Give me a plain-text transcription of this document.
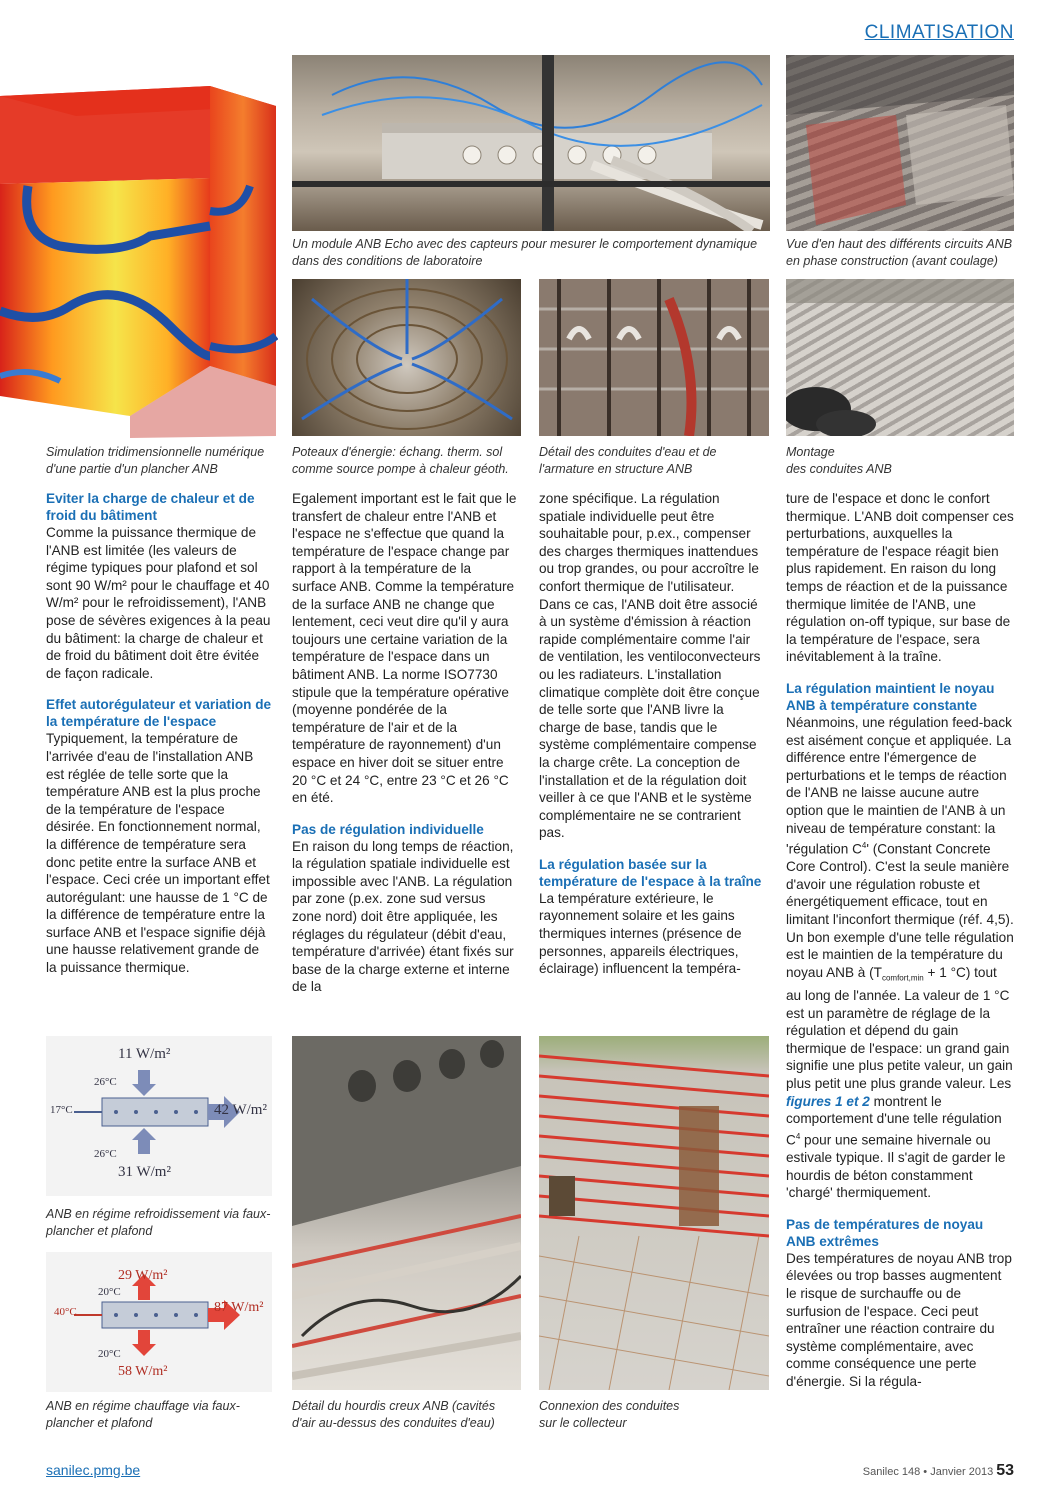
CLIMATISATION
Simulation tridimensionnelle numérique d'une partie d'un plancher ANB
Un module ANB Echo avec des capteurs pour mesurer le comportement dynamique dans des conditions de laboratoire
Vue d'en haut des différents circuits ANB en phase construction (avant coulage)
Poteaux d'énergie: échang. therm. sol comme source pompe à chaleur géoth.
Détail des conduites d'eau et de l'armature en structure ANB
Montage
des conduites ANB
Eviter la charge de chaleur et de froid du bâtiment

Comme la puissance thermique de l'ANB est limitée (les valeurs de régime typiques pour plafond et sol sont 90 W/m² pour le chauffage et 40 W/m² pour le refroidissement), l'ANB pose de sévères exigences à la peau du bâtiment: la charge de chaleur et de froid du bâtiment doit être évitée de façon radicale.

Effet autorégulateur et variation de la température de l'espace

Typiquement, la température de l'arrivée d'eau de l'installation ANB est réglée de telle sorte que la température ANB est la plus proche de la température de l'espace désirée. En fonctionnement normal, la différence de température sera donc petite entre la surface ANB et l'espace. Ceci crée un important effet autorégulant: une hausse de 1 °C de la différence de température entre la surface ANB et l'espace signifie déjà une hausse relativement grande de la puissance thermique.

Egalement important est le fait que le transfert de chaleur entre l'ANB et l'espace ne s'effectue que quand la température de l'espace change par rapport à la température de la surface ANB. Comme la température de la surface ANB ne change que lentement, ceci veut dire qu'il y aura toujours une certaine variation de la température de l'espace dans un bâtiment ANB. La norme ISO7730 stipule que la température opérative (moyenne pondérée de la température de l'air et de la température de rayonnement) d'un espace en hiver doit se situer entre 20 °C et 24 °C, entre 23 °C et 26 °C en été.

Pas de régulation individuelle

En raison du long temps de réaction, la régulation spatiale individuelle est impossible avec l'ANB. La régulation par zone (p.ex. zone sud versus zone nord) doit être appliquée, les réglages du régulateur (débit d'eau, température d'arrivée) étant fixés sur base de la charge externe et interne de la

zone spécifique. La régulation spatiale individuelle peut être souhaitable pour, p.ex., compenser des charges thermiques inattendues ou trop grandes, ou pour accroître le confort thermique de l'utilisateur. Dans ce cas, l'ANB doit être associé à un système d'émission à réaction rapide complémentaire comme l'air de ventilation, les ventiloconvecteurs ou les radiateurs. L'installation climatique complète doit être conçue de telle sorte que l'ANB livre la charge de base, tandis que le système complémentaire compense la charge crête. La conception de l'installation et de la régulation doit veiller à ce que l'ANB et le système complémentaire ne se contrarient pas.

La régulation basée sur la température de l'espace à la traîne

La température extérieure, le rayonnement solaire et les gains thermiques internes (présence de personnes, appareils électriques, éclairage) influencent la tempéra-

ture de l'espace et donc le confort thermique. L'ANB doit compenser ces perturbations, auxquelles la température de l'espace réagit bien plus rapidement. En raison du long temps de réaction et de la puissance thermique limitée de l'ANB, une régulation on-off typique, sur base de la température de l'espace, sera inévitablement à la traîne.

La régulation maintient le noyau ANB à température constante

Néanmoins, une régulation feed-back est aisément conçue et appliquée. La différence entre l'émergence de perturbations et le temps de réaction de l'ANB ne laisse aucune autre option que le maintien de l'ANB à un niveau de température constant: la 'régulation $C^4'$ (Constant Concrete Core Control). C'est la seule manière d'avoir une régulation robuste et énergétiquement efficace, tout en limitant l'inconfort thermique (réf. 4,5). Un bon exemple d'une telle régulation est le maintien de la température du noyau ANB à ($T_{comfort,min} + 1$ °C) tout au long de l'année. La valeur de 1 °C est un paramètre de réglage de la régulation et dépend du gain thermique de l'espace: un grand gain signifie une plus petite valeur, un gain plus petit une plus grande valeur. Les figures 1 et 2 montrent le comportement d'une telle régulation $C^4$ pour une semaine hivernale ou estivale typique. Il s'agit de garder le hourdis de béton constamment 'chargé' thermiquement.

Pas de températures de noyau ANB extrêmes

Des températures de noyau ANB trop élevées ou trop basses augmentent le risque de surchauffe ou de surfusion de l'espace. Ceci peut entraîner une réaction contraire du système complémentaire, avec comme conséquence une perte d'énergie. Si la régula-

11 W/m²
26°C
17°C	42 W/m²
26°C
31 W/m²
ANB en régime refroidissement via faux-plancher et plafond
29 W/m²
20°C
40°C	87 W/m²
20°C
58 W/m²
ANB en régime chauffage via faux-plancher et plafond
Détail du hourdis creux ANB (cavités d'air au-dessus des conduites d'eau)
Connexion des conduites
sur le collecteur
sanilec.pmg.be	Sanilec 148 • Janvier 2013 53
